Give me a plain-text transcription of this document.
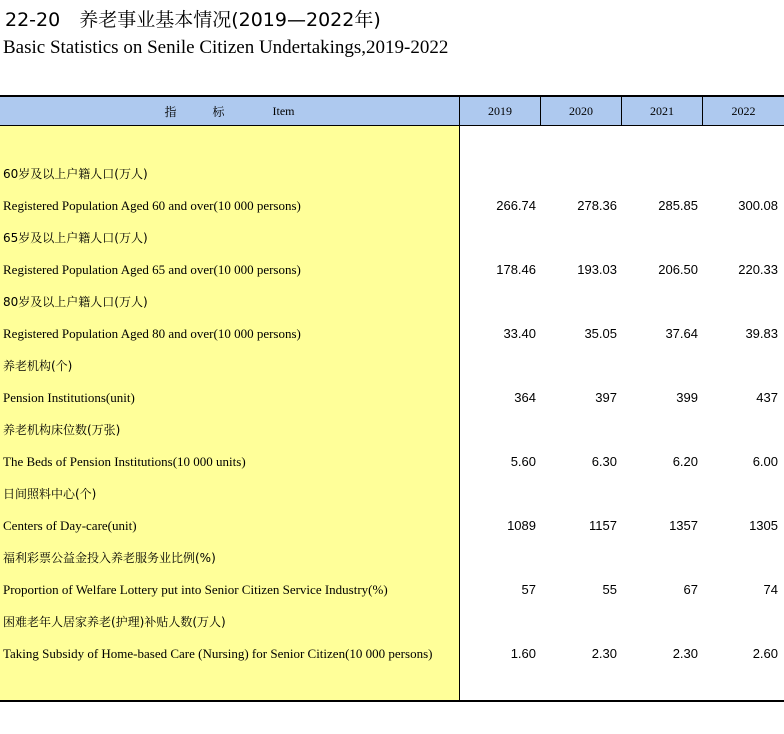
22-20　养老事业基本情况(2019—2022年)
Basic Statistics on Senile Citizen Undertakings,2019-2022
指　标	Item	2019	2020	2021	2022
60岁及以上户籍人口(万人)
Registered Population Aged 60 and over(10 000 persons)	266.74	278.36	285.85	300.08
65岁及以上户籍人口(万人)
Registered Population Aged 65 and over(10 000 persons)	178.46	193.03	206.50	220.33
80岁及以上户籍人口(万人)
Registered Population Aged 80 and over(10 000 persons)	33.40	35.05	37.64	39.83
养老机构(个)
Pension Institutions(unit)	364	397	399	437
养老机构床位数(万张)
The Beds of Pension Institutions(10 000 units)	5.60	6.30	6.20	6.00
日间照料中心(个)
Centers of Day-care(unit)	1089	1157	1357	1305
福利彩票公益金投入养老服务业比例(%)
Proportion of Welfare Lottery put into Senior Citizen Service Industry(%)	57	55	67	74
困难老年人居家养老(护理)补贴人数(万人)
Taking Subsidy of Home-based Care (Nursing) for Senior Citizen(10 000 persons)	1.60	2.30	2.30	2.60
